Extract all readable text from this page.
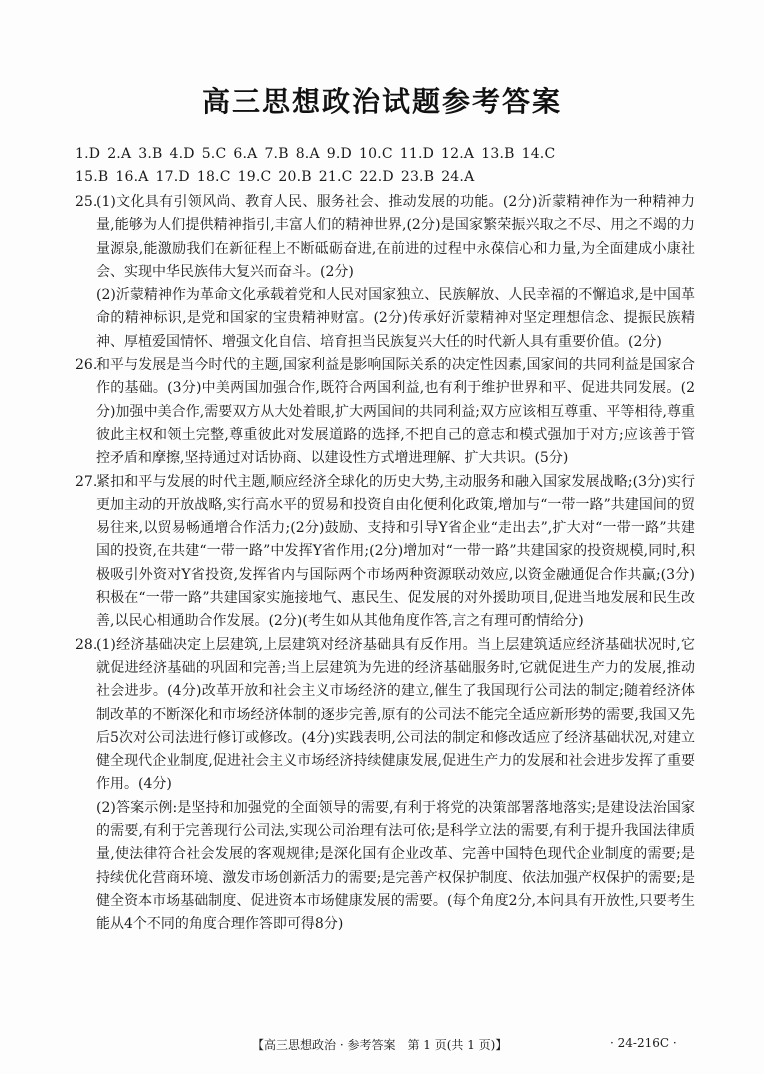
高三思想政治试题参考答案
1.D 2.A 3.B 4.D 5.C 6.A 7.B 8.A 9.D 10.C 11.D 12.A 13.B 14.C
15.B 16.A 17.D 18.C 19.C 20.B 21.C 22.D 23.B 24.A
25.

(1)文化具有引领风尚、教育人民、服务社会、推动发展的功能。(2分)沂蒙精神作为一种精神力量,能够为人们提供精神指引,丰富人们的精神世界,(2分)是国家繁荣振兴取之不尽、用之不竭的力量源泉,能激励我们在新征程上不断砥砺奋进,在前进的过程中永葆信心和力量,为全面建成小康社会、实现中华民族伟大复兴而奋斗。(2分)

(2)沂蒙精神作为革命文化承载着党和人民对国家独立、民族解放、人民幸福的不懈追求,是中国革命的精神标识,是党和国家的宝贵精神财富。(2分)传承好沂蒙精神对坚定理想信念、提振民族精神、厚植爱国情怀、增强文化自信、培育担当民族复兴大任的时代新人具有重要价值。(2分)

26.

和平与发展是当今时代的主题,国家利益是影响国际关系的决定性因素,国家间的共同利益是国家合作的基础。(3分)中美两国加强合作,既符合两国利益,也有利于维护世界和平、促进共同发展。(2分)加强中美合作,需要双方从大处着眼,扩大两国间的共同利益;双方应该相互尊重、平等相待,尊重彼此主权和领土完整,尊重彼此对发展道路的选择,不把自己的意志和模式强加于对方;应该善于管控矛盾和摩擦,坚持通过对话协商、以建设性方式增进理解、扩大共识。(5分)

27.

紧扣和平与发展的时代主题,顺应经济全球化的历史大势,主动服务和融入国家发展战略;(3分)实行更加主动的开放战略,实行高水平的贸易和投资自由化便利化政策,增加与“一带一路”共建国间的贸易往来,以贸易畅通增合作活力;(2分)鼓励、支持和引导Y省企业“走出去”,扩大对“一带一路”共建国的投资,在共建“一带一路”中发挥Y省作用;(2分)增加对“一带一路”共建国家的投资规模,同时,积极吸引外资对Y省投资,发挥省内与国际两个市场两种资源联动效应,以资金融通促合作共赢;(3分)积极在“一带一路”共建国家实施接地气、惠民生、促发展的对外援助项目,促进当地发展和民生改善,以民心相通助合作发展。(2分)(考生如从其他角度作答,言之有理可酌情给分)

28.

(1)经济基础决定上层建筑,上层建筑对经济基础具有反作用。当上层建筑适应经济基础状况时,它就促进经济基础的巩固和完善;当上层建筑为先进的经济基础服务时,它就促进生产力的发展,推动社会进步。(4分)改革开放和社会主义市场经济的建立,催生了我国现行公司法的制定;随着经济体制改革的不断深化和市场经济体制的逐步完善,原有的公司法不能完全适应新形势的需要,我国又先后5次对公司法进行修订或修改。(4分)实践表明,公司法的制定和修改适应了经济基础状况,对建立健全现代企业制度,促进社会主义市场经济持续健康发展,促进生产力的发展和社会进步发挥了重要作用。(4分)

(2)答案示例:是坚持和加强党的全面领导的需要,有利于将党的决策部署落地落实;是建设法治国家的需要,有利于完善现行公司法,实现公司治理有法可依;是科学立法的需要,有利于提升我国法律质量,使法律符合社会发展的客观规律;是深化国有企业改革、完善中国特色现代企业制度的需要;是持续优化营商环境、激发市场创新活力的需要;是完善产权保护制度、依法加强产权保护的需要;是健全资本市场基础制度、促进资本市场健康发展的需要。(每个角度2分,本问具有开放性,只要考生能从4个不同的角度合理作答即可得8分)

【高三思想政治 · 参考答案　第 1 页(共 1 页)】	· 24-216C ·
